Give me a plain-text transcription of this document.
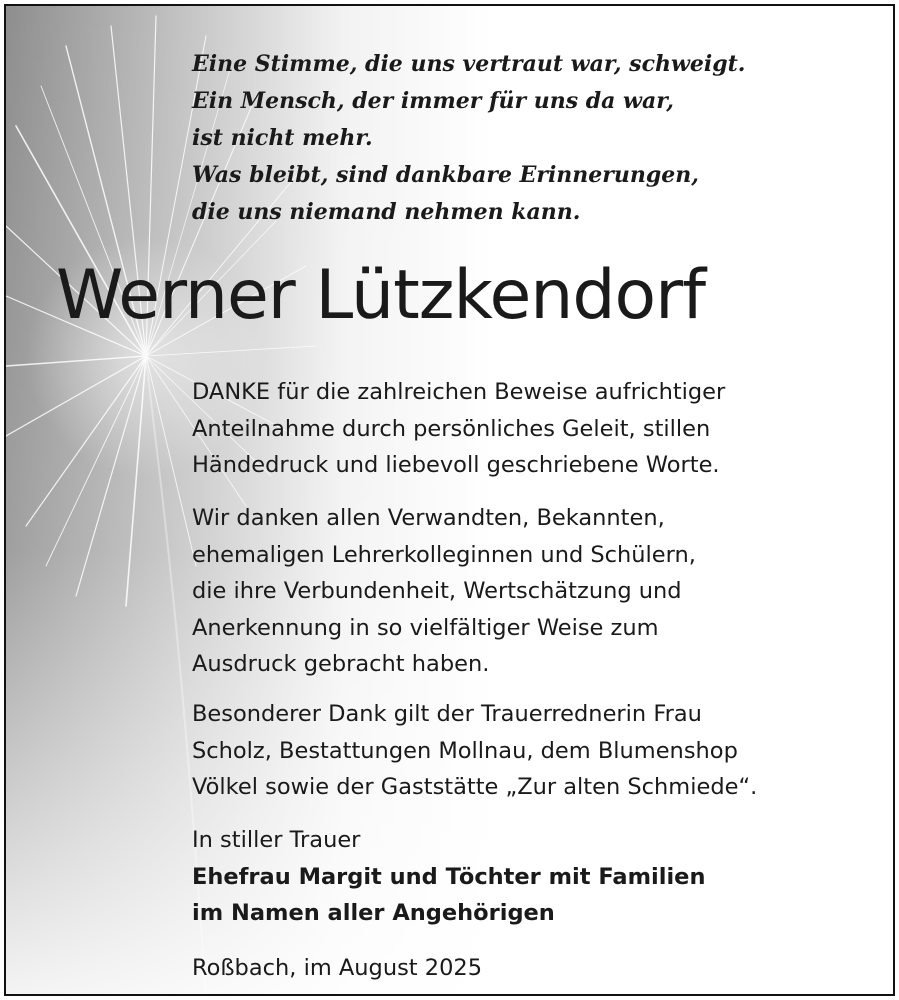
Eine Stimme, die uns vertraut war, schweigt.
Ein Mensch, der immer für uns da war,
ist nicht mehr.
Was bleibt, sind dankbare Erinnerungen,
die uns niemand nehmen kann.
Werner Lützkendorf
DANKE für die zahlreichen Beweise aufrichtiger
Anteilnahme durch persönliches Geleit, stillen
Händedruck und liebevoll geschriebene Worte.
Wir danken allen Verwandten, Bekannten,
ehemaligen Lehrerkolleginnen und Schülern,
die ihre Verbundenheit, Wertschätzung und
Anerkennung in so vielfältiger Weise zum
Ausdruck gebracht haben.
Besonderer Dank gilt der Trauerrednerin Frau
Scholz, Bestattungen Mollnau, dem Blumenshop
Völkel sowie der Gaststätte „Zur alten Schmiede“.
In stiller Trauer
Ehefrau Margit und Töchter mit Familien
im Namen aller Angehörigen
Roßbach, im August 2025
